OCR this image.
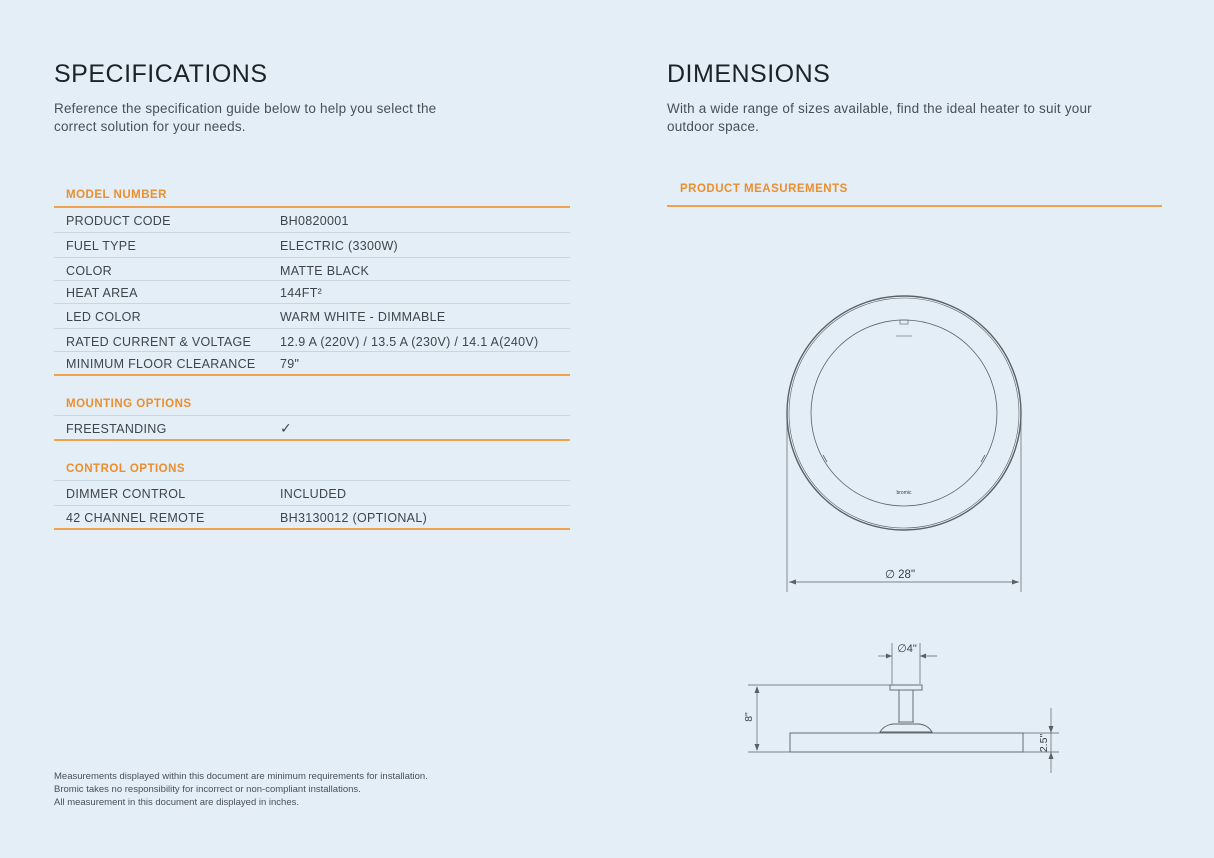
SPECIFICATIONS

Reference the specification guide below to help you select the correct solution for your needs.

MODEL NUMBER
PRODUCT CODE	BH0820001
FUEL TYPE	ELECTRIC (3300W)
COLOR	MATTE BLACK
HEAT AREA	144FT²
LED COLOR	WARM WHITE - DIMMABLE
RATED CURRENT & VOLTAGE 12.9 A (220V) / 13.5 A (230V) / 14.1 A(240V)
MINIMUM FLOOR CLEARANCE 79"
MOUNTING OPTIONS
FREESTANDING	✓
CONTROL OPTIONS
DIMMER CONTROL	INCLUDED
42 CHANNEL REMOTE	BH3130012 (OPTIONAL)
Measurements displayed within this document are minimum requirements for installation.
Bromic takes no responsibility for incorrect or non-compliant installations.
All measurement in this document are displayed in inches.
DIMENSIONS

With a wide range of sizes available, find the ideal heater to suit your outdoor space.

PRODUCT MEASUREMENTS
bromic
∅ 28"
∅4"
8"
2.5"
